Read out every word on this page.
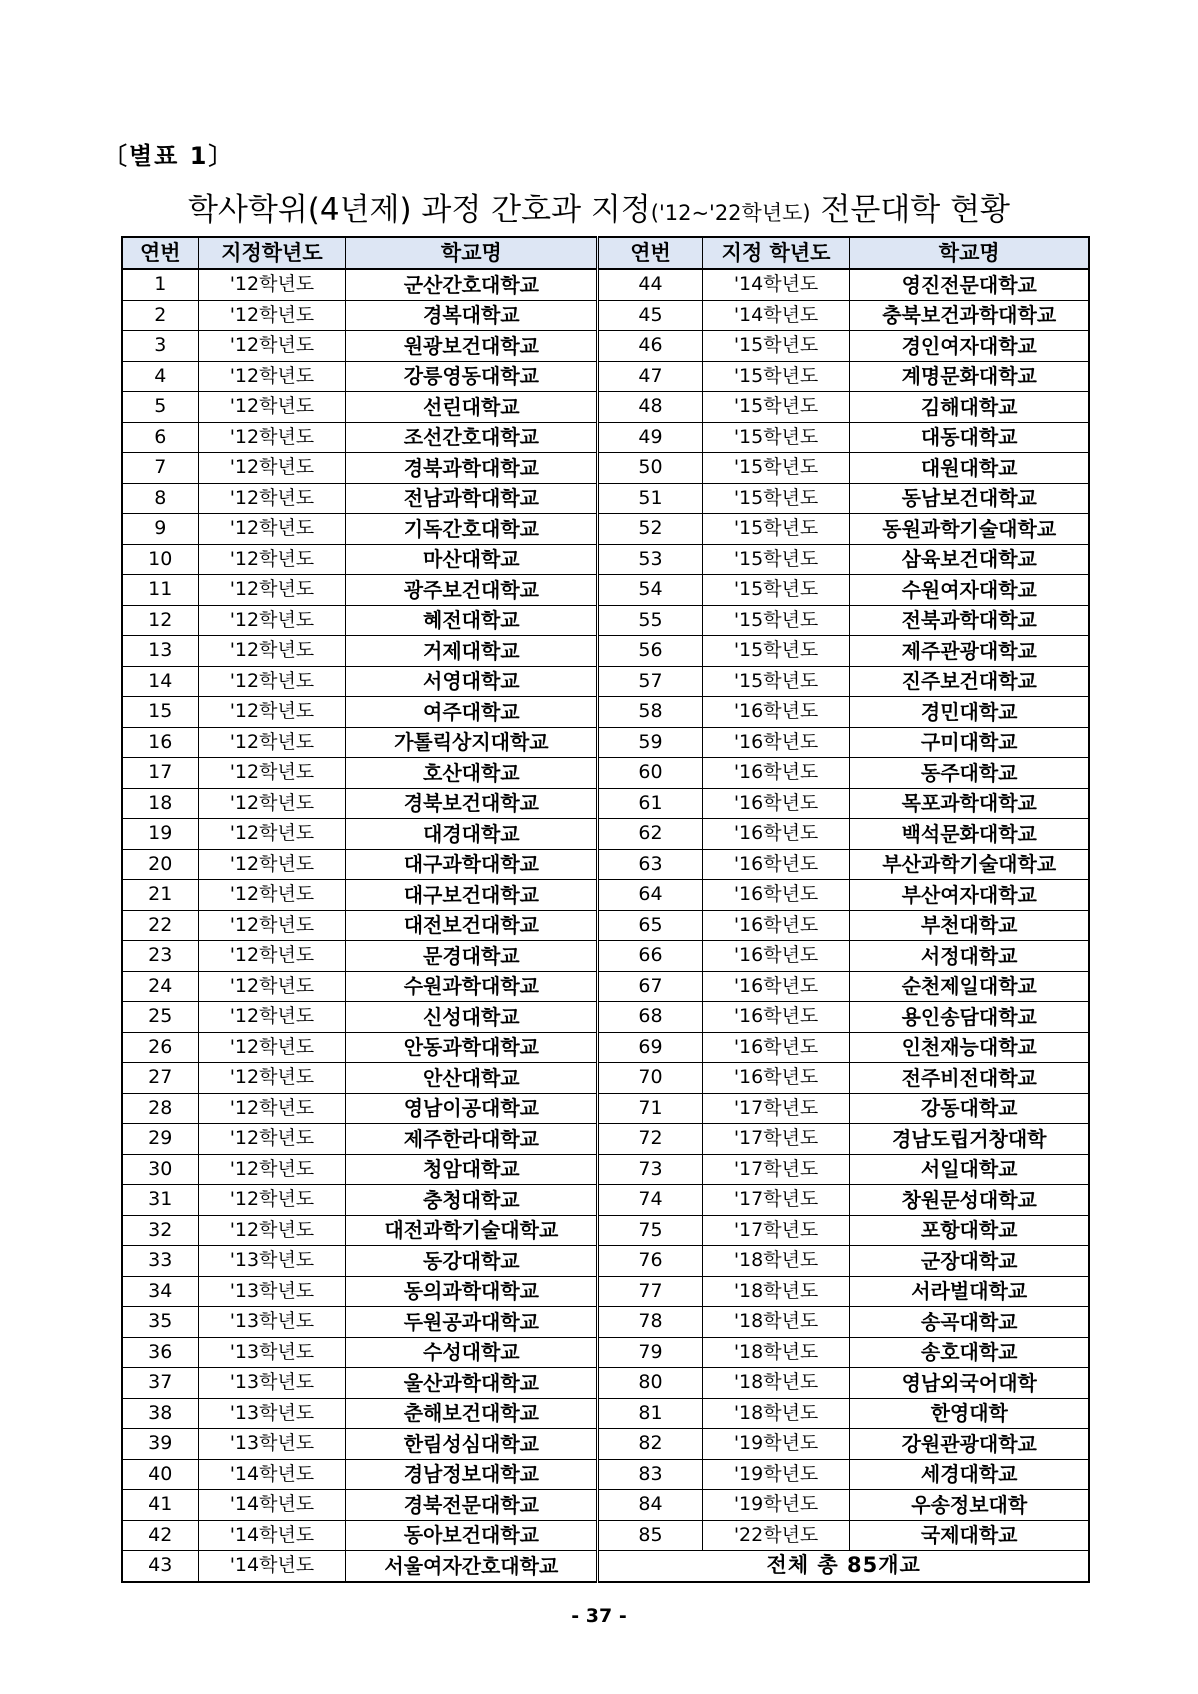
〔별표 1〕
학사학위(4년제) 과정 간호과 지정('12~'22학년도) 전문대학 현황
연번	지정학년도	학교명	연번	지정 학년도	학교명
1	'12학년도	군산간호대학교	44	'14학년도	영진전문대학교
2	'12학년도	경복대학교	45	'14학년도	충북보건과학대학교
3	'12학년도	원광보건대학교	46	'15학년도	경인여자대학교
4	'12학년도	강릉영동대학교	47	'15학년도	계명문화대학교
5	'12학년도	선린대학교	48	'15학년도	김해대학교
6	'12학년도	조선간호대학교	49	'15학년도	대동대학교
7	'12학년도	경북과학대학교	50	'15학년도	대원대학교
8	'12학년도	전남과학대학교	51	'15학년도	동남보건대학교
9	'12학년도	기독간호대학교	52	'15학년도	동원과학기술대학교
10	'12학년도	마산대학교	53	'15학년도	삼육보건대학교
11	'12학년도	광주보건대학교	54	'15학년도	수원여자대학교
12	'12학년도	혜전대학교	55	'15학년도	전북과학대학교
13	'12학년도	거제대학교	56	'15학년도	제주관광대학교
14	'12학년도	서영대학교	57	'15학년도	진주보건대학교
15	'12학년도	여주대학교	58	'16학년도	경민대학교
16	'12학년도	가톨릭상지대학교	59	'16학년도	구미대학교
17	'12학년도	호산대학교	60	'16학년도	동주대학교
18	'12학년도	경북보건대학교	61	'16학년도	목포과학대학교
19	'12학년도	대경대학교	62	'16학년도	백석문화대학교
20	'12학년도	대구과학대학교	63	'16학년도	부산과학기술대학교
21	'12학년도	대구보건대학교	64	'16학년도	부산여자대학교
22	'12학년도	대전보건대학교	65	'16학년도	부천대학교
23	'12학년도	문경대학교	66	'16학년도	서정대학교
24	'12학년도	수원과학대학교	67	'16학년도	순천제일대학교
25	'12학년도	신성대학교	68	'16학년도	용인송담대학교
26	'12학년도	안동과학대학교	69	'16학년도	인천재능대학교
27	'12학년도	안산대학교	70	'16학년도	전주비전대학교
28	'12학년도	영남이공대학교	71	'17학년도	강동대학교
29	'12학년도	제주한라대학교	72	'17학년도	경남도립거창대학
30	'12학년도	청암대학교	73	'17학년도	서일대학교
31	'12학년도	충청대학교	74	'17학년도	창원문성대학교
32	'12학년도	대전과학기술대학교	75	'17학년도	포항대학교
33	'13학년도	동강대학교	76	'18학년도	군장대학교
34	'13학년도	동의과학대학교	77	'18학년도	서라벌대학교
35	'13학년도	두원공과대학교	78	'18학년도	송곡대학교
36	'13학년도	수성대학교	79	'18학년도	송호대학교
37	'13학년도	울산과학대학교	80	'18학년도	영남외국어대학
38	'13학년도	춘해보건대학교	81	'18학년도	한영대학
39	'13학년도	한림성심대학교	82	'19학년도	강원관광대학교
40	'14학년도	경남정보대학교	83	'19학년도	세경대학교
41	'14학년도	경북전문대학교	84	'19학년도	우송정보대학
42	'14학년도	동아보건대학교	85	'22학년도	국제대학교
43	'14학년도	서울여자간호대학교	전체 총 85개교		
- 37 -
